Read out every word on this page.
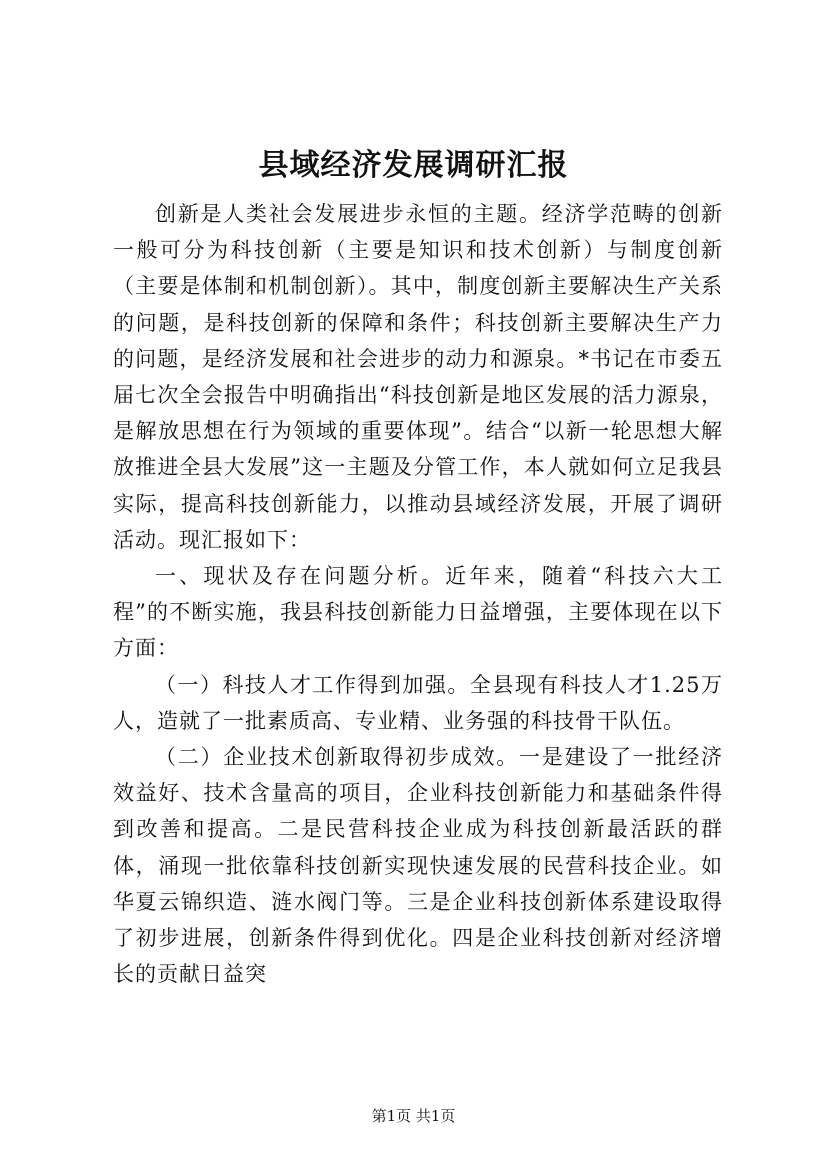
县域经济发展调研汇报

创新是人类社会发展进步永恒的主题。经济学范畴的创新一般可分为科技创新（主要是知识和技术创新）与制度创新（主要是体制和机制创新）。其中，制度创新主要解决生产关系的问题，是科技创新的保障和条件；科技创新主要解决生产力的问题，是经济发展和社会进步的动力和源泉。*书记在市委五届七次全会报告中明确指出“科技创新是地区发展的活力源泉，是解放思想在行为领域的重要体现”。结合“以新一轮思想大解放推进全县大发展”这一主题及分管工作，本人就如何立足我县实际，提高科技创新能力，以推动县域经济发展，开展了调研活动。现汇报如下：

一、现状及存在问题分析。近年来，随着“科技六大工程”的不断实施，我县科技创新能力日益增强，主要体现在以下方面：

（一）科技人才工作得到加强。全县现有科技人才1.25万人，造就了一批素质高、专业精、业务强的科技骨干队伍。

（二）企业技术创新取得初步成效。一是建设了一批经济效益好、技术含量高的项目，企业科技创新能力和基础条件得到改善和提高。二是民营科技企业成为科技创新最活跃的群体，涌现一批依靠科技创新实现快速发展的民营科技企业。如华夏云锦织造、涟水阀门等。三是企业科技创新体系建设取得了初步进展，创新条件得到优化。四是企业科技创新对经济增长的贡献日益突

第1页 共1页
